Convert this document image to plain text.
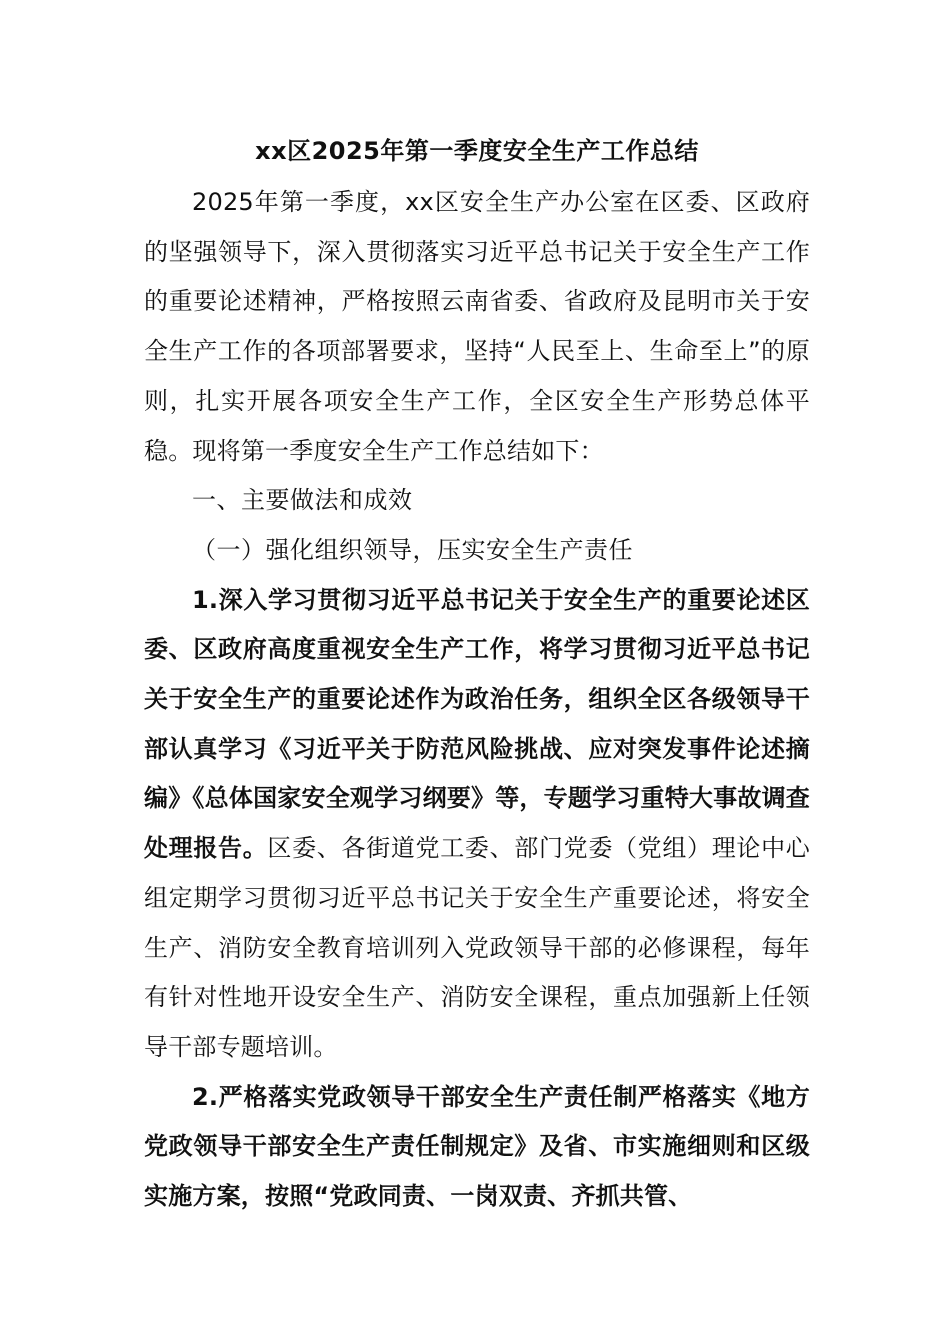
xx区2025年第一季度安全生产工作总结

2025年第一季度，xx区安全生产办公室在区委、区政府的坚强领导下，深入贯彻落实习近平总书记关于安全生产工作的重要论述精神，严格按照云南省委、省政府及昆明市关于安全生产工作的各项部署要求，坚持“人民至上、生命至上”的原则，扎实开展各项安全生产工作，全区安全生产形势总体平稳。现将第一季度安全生产工作总结如下：

一、主要做法和成效

（一）强化组织领导，压实安全生产责任

1.深入学习贯彻习近平总书记关于安全生产的重要论述区委、区政府高度重视安全生产工作，将学习贯彻习近平总书记关于安全生产的重要论述作为政治任务，组织全区各级领导干部认真学习《习近平关于防范风险挑战、应对突发事件论述摘编》《总体国家安全观学习纲要》等，专题学习重特大事故调查处理报告。区委、各街道党工委、部门党委（党组）理论中心组定期学习贯彻习近平总书记关于安全生产重要论述，将安全生产、消防安全教育培训列入党政领导干部的必修课程，每年有针对性地开设安全生产、消防安全课程，重点加强新上任领导干部专题培训。

2.严格落实党政领导干部安全生产责任制严格落实《地方党政领导干部安全生产责任制规定》及省、市实施细则和区级实施方案，按照“党政同责、一岗双责、齐抓共管、
